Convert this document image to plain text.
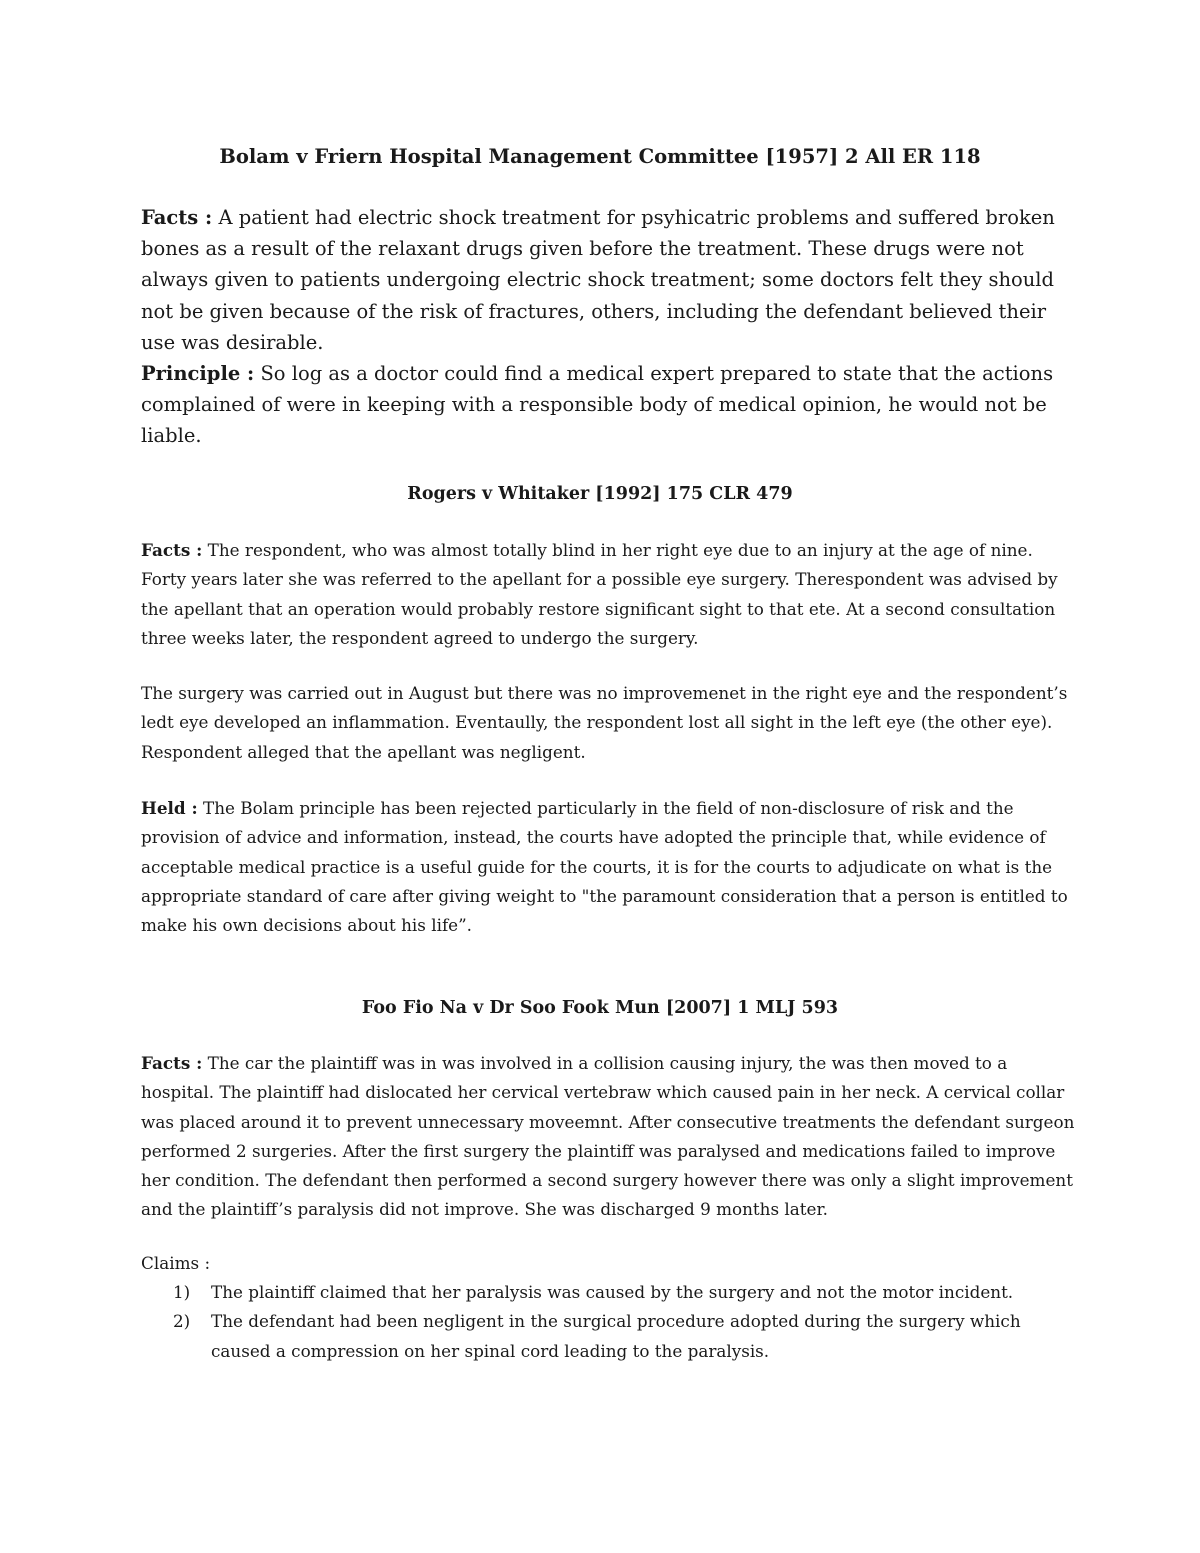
Bolam v Friern Hospital Management Committee [1957] 2 All ER 118

Facts : A patient had electric shock treatment for psyhicatric problems and suffered broken bones as a result of the relaxant drugs given before the treatment. These drugs were not always given to patients undergoing electric shock treatment; some doctors felt they should not be given because of the risk of fractures, others, including the defendant believed their use was desirable.

Principle : So log as a doctor could find a medical expert prepared to state that the actions complained of were in keeping with a responsible body of medical opinion, he would not be liable.

Rogers v Whitaker [1992] 175 CLR 479

Facts : The respondent, who was almost totally blind in her right eye due to an injury at the age of nine. Forty years later she was referred to the apellant for a possible eye surgery. Therespondent was advised by the apellant that an operation would probably restore significant sight to that ete. At a second consultation three weeks later, the respondent agreed to undergo the surgery.

The surgery was carried out in August but there was no improvemenet in the right eye and the respondent’s ledt eye developed an inflammation. Eventaully, the respondent lost all sight in the left eye (the other eye). Respondent alleged that the apellant was negligent.

Held : The Bolam principle has been rejected particularly in the field of non-disclosure of risk and the provision of advice and information, instead, the courts have adopted the principle that, while evidence of acceptable medical practice is a useful guide for the courts, it is for the courts to adjudicate on what is the appropriate standard of care after giving weight to "the paramount consideration that a person is entitled to make his own decisions about his life”.

Foo Fio Na v Dr Soo Fook Mun [2007] 1 MLJ 593

Facts : The car the plaintiff was in was involved in a collision causing injury, the was then moved to a hospital. The plaintiff had dislocated her cervical vertebraw which caused pain in her neck. A cervical collar was placed around it to prevent unnecessary moveemnt. After consecutive treatments the defendant surgeon performed 2 surgeries. After the first surgery the plaintiff was paralysed and medications failed to improve her condition. The defendant then performed a second surgery however there was only a slight improvement and the plaintiff’s paralysis did not improve. She was discharged 9 months later.

Claims :

1) The plaintiff claimed that her paralysis was caused by the surgery and not the motor incident.
2) The defendant had been negligent in the surgical procedure adopted during the surgery which caused a compression on her spinal cord leading to the paralysis.
